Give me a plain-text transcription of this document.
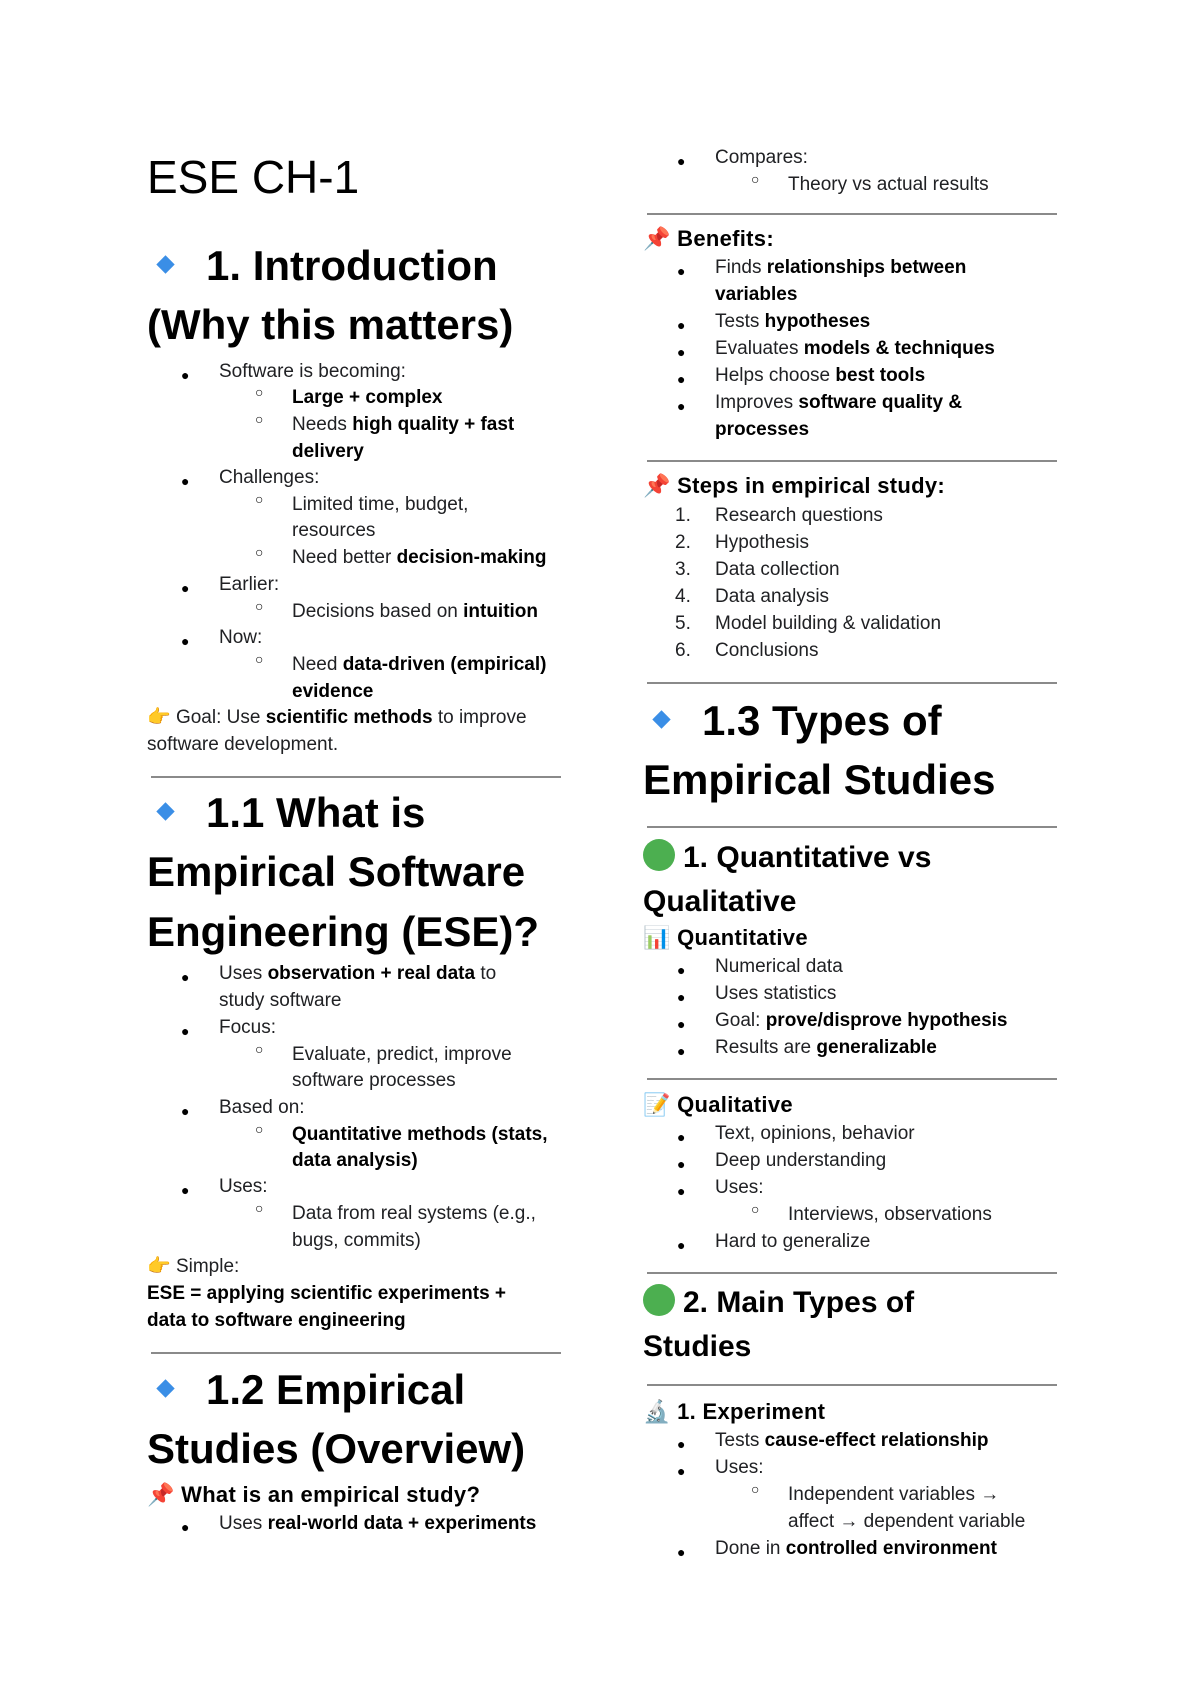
ESE CH-1
1. Introduction
(Why this matters)
● Software is becoming:
○ Large + complex
○ Needs high quality + fast
delivery
● Challenges:
○ Limited time, budget,
resources
○ Need better decision-making
● Earlier:
○ Decisions based on intuition
● Now:
○ Need data-driven (empirical)
evidence
👉 Goal: Use scientific methods to improve
software development.
1.1 What is
Empirical Software
Engineering (ESE)?
● Uses observation + real data to
study software
● Focus:
○ Evaluate, predict, improve
software processes
● Based on:
○ Quantitative methods (stats,
data analysis)
● Uses:
○ Data from real systems (e.g.,
bugs, commits)
👉 Simple:
ESE = applying scientific experiments +
data to software engineering
1.2 Empirical
Studies (Overview)
📌 What is an empirical study?
● Uses real-world data + experiments
● Compares:
○ Theory vs actual results
📌 Benefits:
● Finds relationships between
variables
● Tests hypotheses
● Evaluates models & techniques
● Helps choose best tools
● Improves software quality &
processes
📌 Steps in empirical study:
1. Research questions
2. Hypothesis
3. Data collection
4. Data analysis
5. Model building & validation
6. Conclusions
1.3 Types of
Empirical Studies
1. Quantitative vs
Qualitative
📊 Quantitative
● Numerical data
● Uses statistics
● Goal: prove/disprove hypothesis
● Results are generalizable
📝 Qualitative
● Text, opinions, behavior
● Deep understanding
● Uses:
○ Interviews, observations
● Hard to generalize
2. Main Types of
Studies
🔬 1. Experiment
● Tests cause-effect relationship
● Uses:
○ Independent variables →
affect → dependent variable
● Done in controlled environment
